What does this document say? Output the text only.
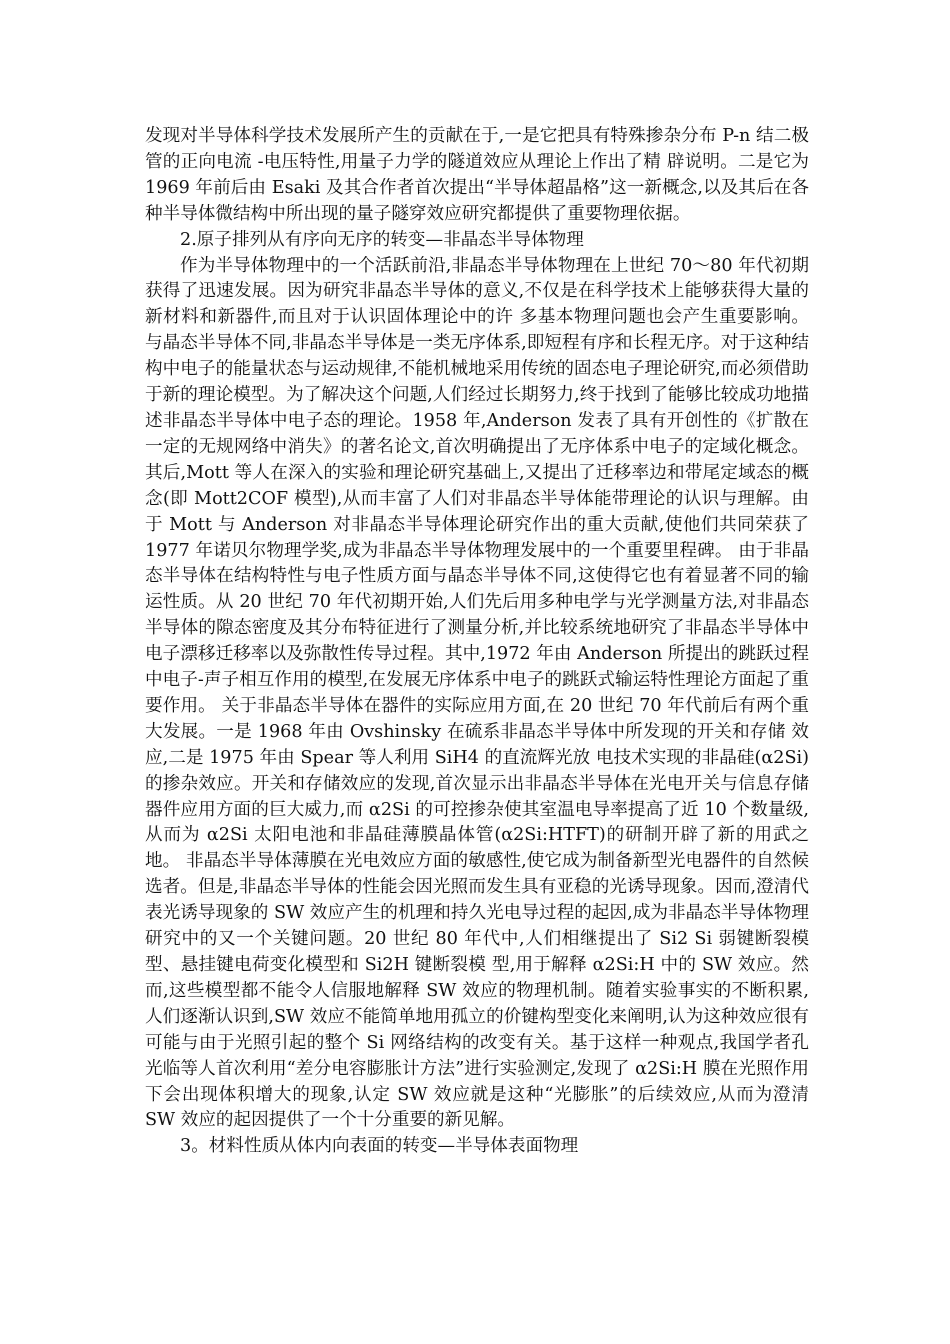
发现对半导体科学技术发展所产生的贡献在于,一是它把具有特殊掺杂分布 P-n 结二极管的正向电流 -电压特性,用量子力学的隧道效应从理论上作出了精 辟说明。二是它为 1969 年前后由 Esaki 及其合作者首次提出“半导体超晶格”这一新概念,以及其后在各种半导体微结构中所出现的量子隧穿效应研究都提供了重要物理依据。

2.原子排列从有序向无序的转变—非晶态半导体物理

作为半导体物理中的一个活跃前沿,非晶态半导体物理在上世纪 70～80 年代初期获得了迅速发展。因为研究非晶态半导体的意义,不仅是在科学技术上能够获得大量的新材料和新器件,而且对于认识固体理论中的许 多基本物理问题也会产生重要影响。 与晶态半导体不同,非晶态半导体是一类无序体系,即短程有序和长程无序。对于这种结构中电子的能量状态与运动规律,不能机械地采用传统的固态电子理论研究,而必须借助于新的理论模型。为了解决这个问题,人们经过长期努力,终于找到了能够比较成功地描述非晶态半导体中电子态的理论。1958 年,Anderson 发表了具有开创性的《扩散在一定的无规网络中消失》的著名论文,首次明确提出了无序体系中电子的定域化概念。其后,Mott 等人在深入的实验和理论研究基础上,又提出了迁移率边和带尾定域态的概念(即 Mott2COF 模型),从而丰富了人们对非晶态半导体能带理论的认识与理解。由于 Mott 与 Anderson 对非晶态半导体理论研究作出的重大贡献,使他们共同荣获了 1977 年诺贝尔物理学奖,成为非晶态半导体物理发展中的一个重要里程碑。 由于非晶态半导体在结构特性与电子性质方面与晶态半导体不同,这使得它也有着显著不同的输运性质。从 20 世纪 70 年代初期开始,人们先后用多种电学与光学测量方法,对非晶态半导体的隙态密度及其分布特征进行了测量分析,并比较系统地研究了非晶态半导体中电子漂移迁移率以及弥散性传导过程。其中,1972 年由 Anderson 所提出的跳跃过程中电子-声子相互作用的模型,在发展无序体系中电子的跳跃式输运特性理论方面起了重要作用。 关于非晶态半导体在器件的实际应用方面,在 20 世纪 70 年代前后有两个重大发展。一是 1968 年由 Ovshinsky 在硫系非晶态半导体中所发现的开关和存储 效应,二是 1975 年由 Spear 等人利用 SiH4 的直流辉光放 电技术实现的非晶硅(α2Si)的掺杂效应。开关和存储效应的发现,首次显示出非晶态半导体在光电开关与信息存储器件应用方面的巨大威力,而 α2Si 的可控掺杂使其室温电导率提高了近 10 个数量级,从而为 α2Si 太阳电池和非晶硅薄膜晶体管(α2Si:HTFT)的研制开辟了新的用武之地。 非晶态半导体薄膜在光电效应方面的敏感性,使它成为制备新型光电器件的自然候选者。但是,非晶态半导体的性能会因光照而发生具有亚稳的光诱导现象。因而,澄清代表光诱导现象的 SW 效应产生的机理和持久光电导过程的起因,成为非晶态半导体物理研究中的又一个关键问题。20 世纪 80 年代中,人们相继提出了 Si2 Si 弱键断裂模型、悬挂键电荷变化模型和 Si2H 键断裂模 型,用于解释 α2Si:H 中的 SW 效应。然而,这些模型都不能令人信服地解释 SW 效应的物理机制。随着实验事实的不断积累,人们逐渐认识到,SW 效应不能简单地用孤立的价键构型变化来阐明,认为这种效应很有可能与由于光照引起的整个 Si 网络结构的改变有关。基于这样一种观点,我国学者孔光临等人首次利用“差分电容膨胀计方法”进行实验测定,发现了 α2Si:H 膜在光照作用下会出现体积增大的现象,认定 SW 效应就是这种“光膨胀”的后续效应,从而为澄清 SW 效应的起因提供了一个十分重要的新见解。

3。材料性质从体内向表面的转变—半导体表面物理
